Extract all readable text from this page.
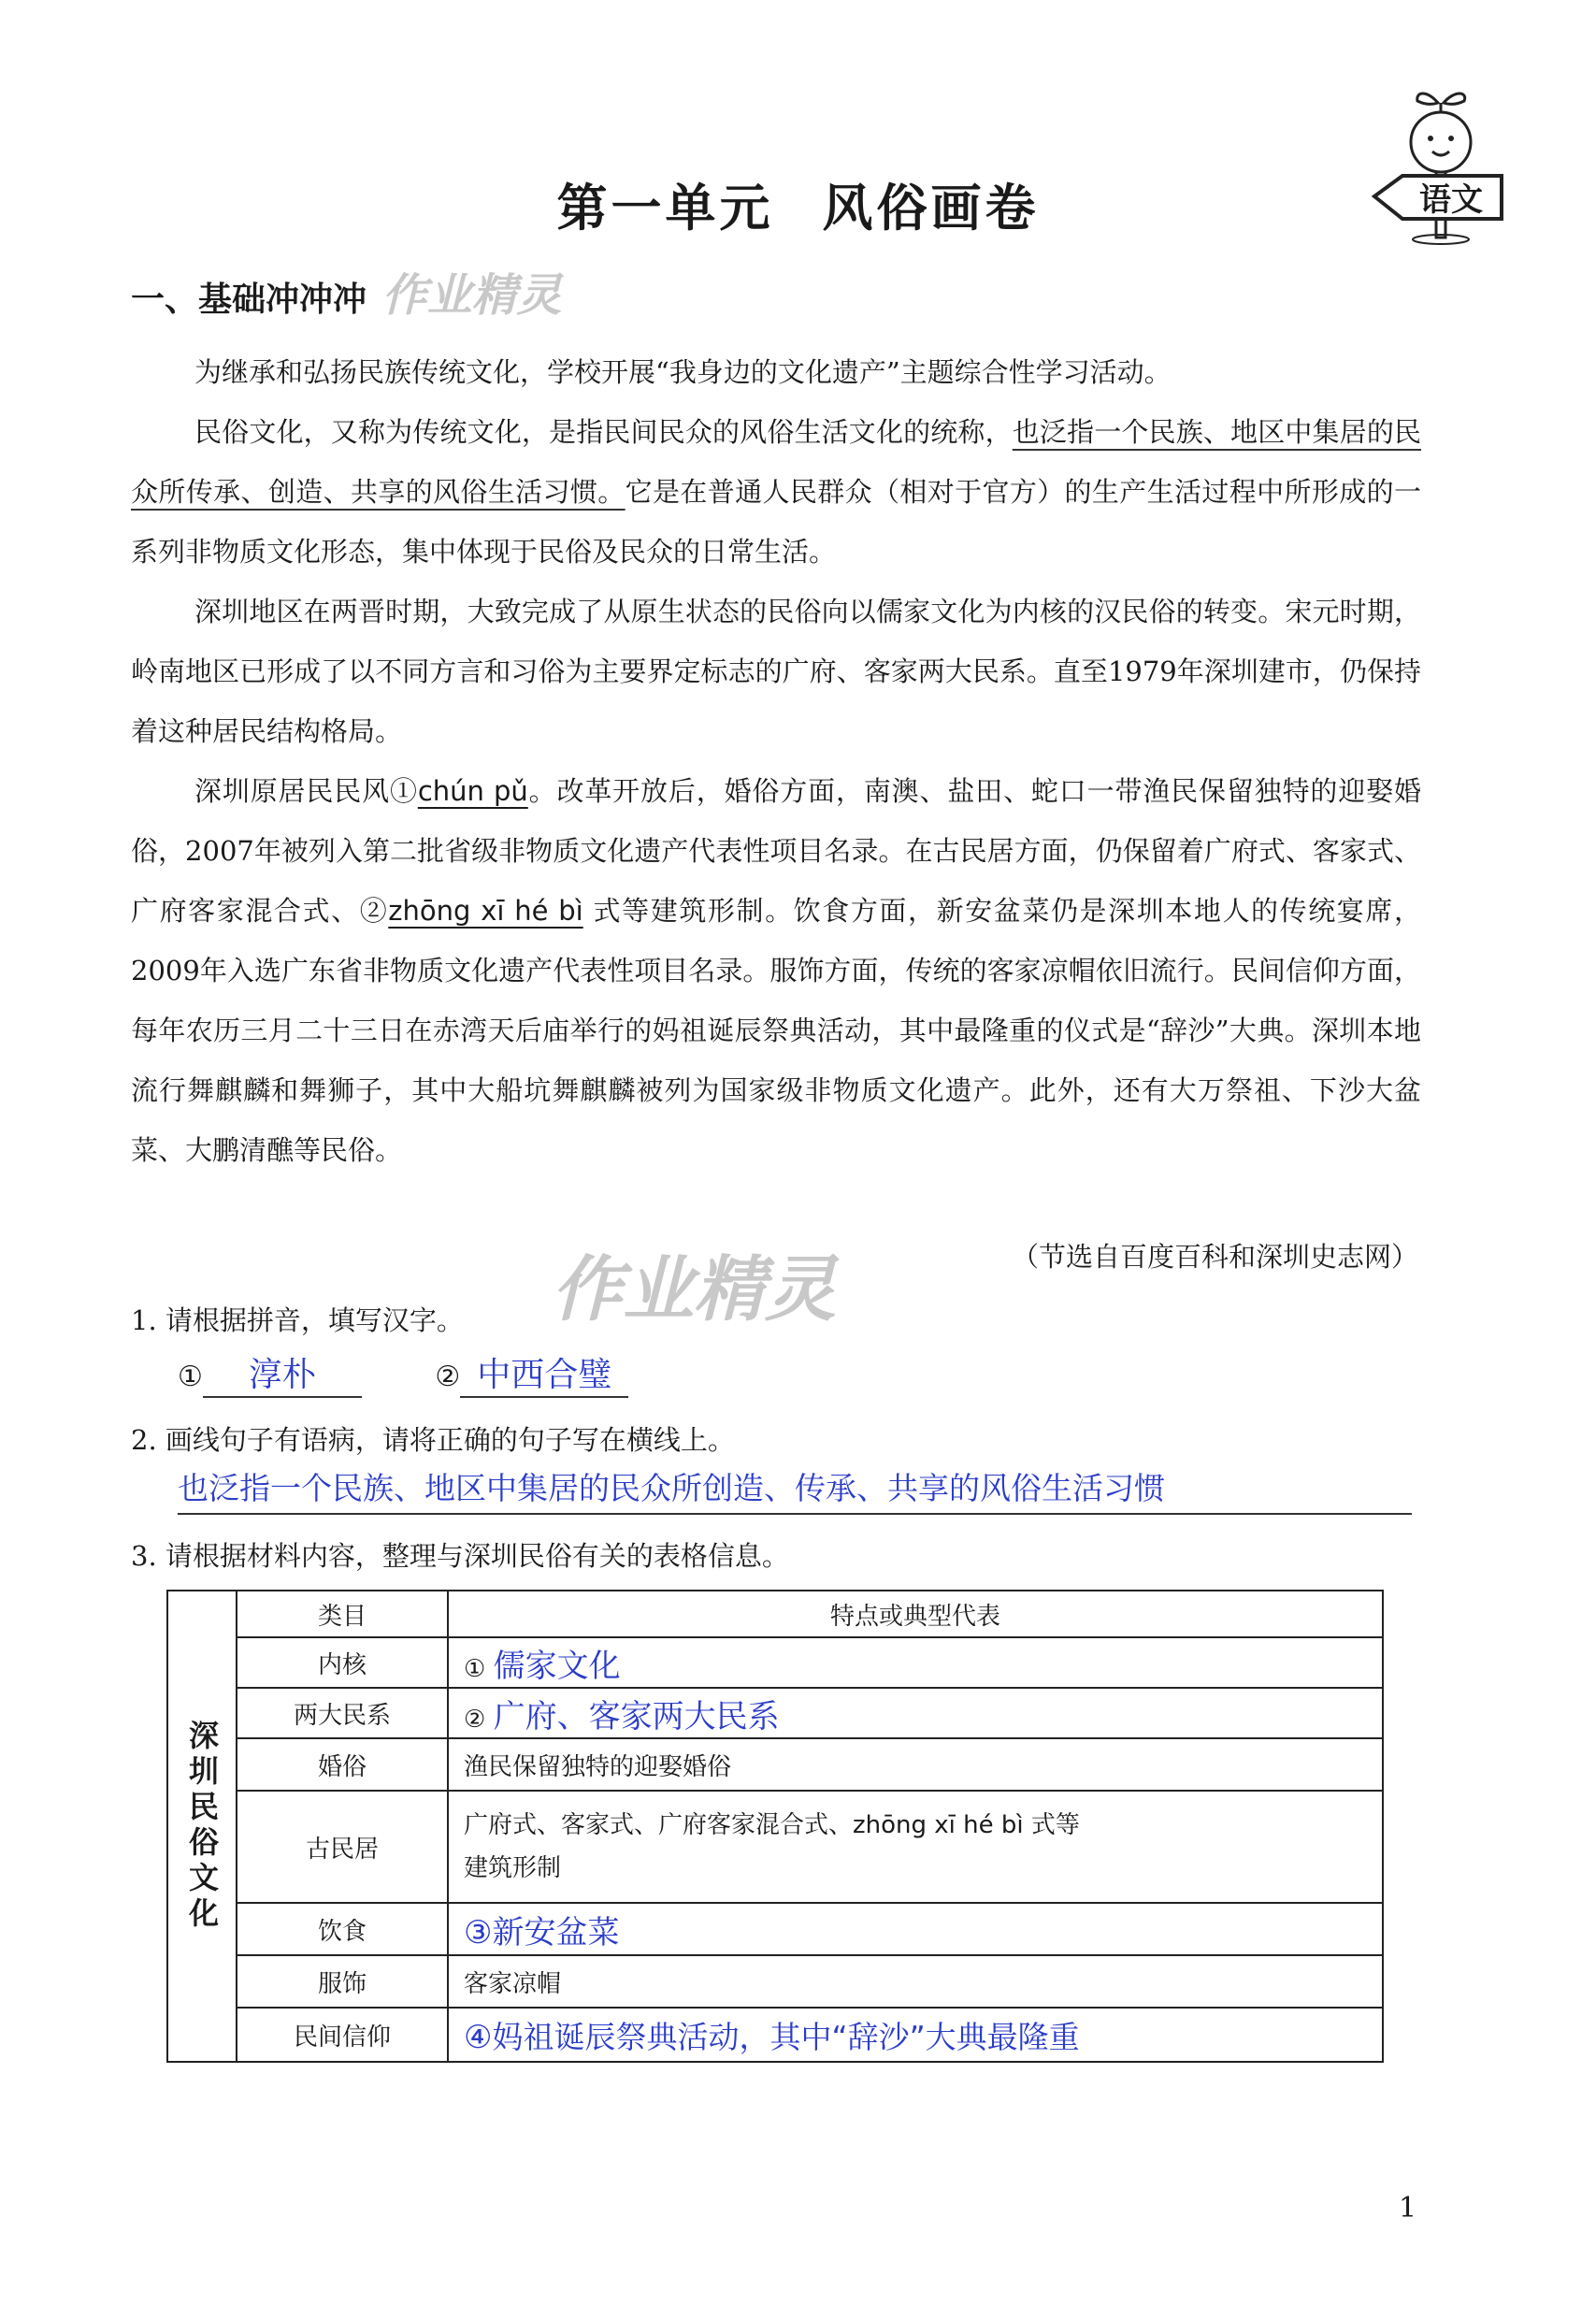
语文
第一单元 风俗画卷
一、基础冲冲冲 作业精灵

为继承和弘扬民族传统文化，学校开展“我身边的文化遗产”主题综合性学习活动。

民俗文化，又称为传统文化，是指民间民众的风俗生活文化的统称，也泛指一个民族、地区中集居的民众所传承、创造、共享的风俗生活习惯。它是在普通人民群众（相对于官方）的生产生活过程中所形成的一系列非物质文化形态，集中体现于民俗及民众的日常生活。

深圳地区在两晋时期，大致完成了从原生状态的民俗向以儒家文化为内核的汉民俗的转变。宋元时期，岭南地区已形成了以不同方言和习俗为主要界定标志的广府、客家两大民系。直至1979年深圳建市，仍保持着这种居民结构格局。

深圳原居民民风①chún pǔ。改革开放后，婚俗方面，南澳、盐田、蛇口一带渔民保留独特的迎娶婚俗，2007年被列入第二批省级非物质文化遗产代表性项目名录。在古民居方面，仍保留着广府式、客家式、广府客家混合式、②zhōng xī hé bì 式等建筑形制。饮食方面，新安盆菜仍是深圳本地人的传统宴席，2009年入选广东省非物质文化遗产代表性项目名录。服饰方面，传统的客家凉帽依旧流行。民间信仰方面，每年农历三月二十三日在赤湾天后庙举行的妈祖诞辰祭典活动，其中最隆重的仪式是“辞沙”大典。深圳本地流行舞麒麟和舞狮子，其中大船坑舞麒麟被列为国家级非物质文化遗产。此外，还有大万祭祖、下沙大盆菜、大鹏清醮等民俗。

作业精灵	（节选自百度百科和深圳史志网）
1. 请根据拼音，填写汉字。
① 淳朴	② 中西合璧
2. 画线句子有语病，请将正确的句子写在横线上。
也泛指一个民族、地区中集居的民众所创造、传承、共享的风俗生活习惯
3. 请根据材料内容，整理与深圳民俗有关的表格信息。
深圳民俗文化	类目	特点或典型代表
	内核	① 儒家文化
	两大民系	② 广府、客家两大民系
	婚俗	渔民保留独特的迎娶婚俗
	古民居	广府式、客家式、广府客家混合式、zhōng xī hé bì 式等
建筑形制

	饮食	③新安盆菜
	服饰	客家凉帽
	民间信仰	④妈祖诞辰祭典活动，其中“辞沙”大典最隆重
1
